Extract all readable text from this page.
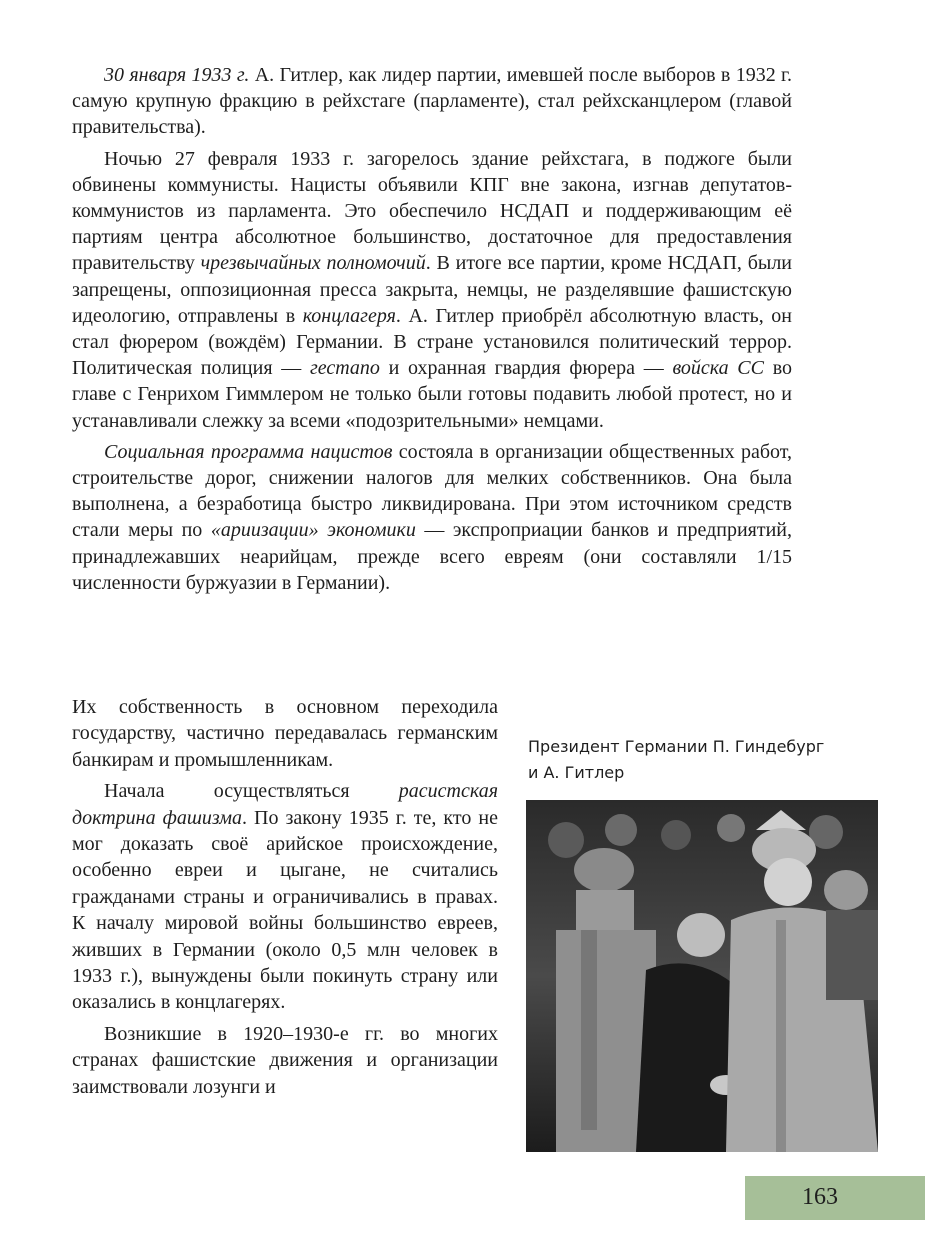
30 января 1933 г. А. Гитлер, как лидер партии, имевшей после выборов в 1932 г. самую крупную фракцию в рейхстаге (парламенте), стал рейхсканцлером (главой правительства).

Ночью 27 февраля 1933 г. загорелось здание рейхстага, в поджоге были обвинены коммунисты. Нацисты объявили КПГ вне закона, изгнав депутатов-коммунистов из парламента. Это обеспечило НСДАП и поддерживающим её партиям центра абсолютное большинство, достаточное для предоставления правительству чрезвычайных полномочий. В итоге все партии, кроме НСДАП, были запрещены, оппозиционная пресса закрыта, немцы, не разделявшие фашистскую идеологию, отправлены в концлагеря. А. Гитлер приобрёл абсолютную власть, он стал фюрером (вождём) Германии. В стране установился политический террор. Политическая полиция — гестапо и охранная гвардия фюрера — войска СС во главе с Генрихом Гиммлером не только были готовы подавить любой протест, но и устанавливали слежку за всеми «подозрительными» немцами.

Социальная программа нацистов состояла в организации общественных работ, строительстве дорог, снижении налогов для мелких собственников. Она была выполнена, а безработица быстро ликвидирована. При этом источником средств стали меры по «ариизации» экономики — экспроприации банков и предприятий, принадлежавших неарийцам, прежде всего евреям (они составляли 1/15 численности буржуазии в Германии).

Их собственность в основном переходила государству, частично передавалась германским банкирам и промышленникам.

Начала осуществляться расистская доктрина фашизма. По закону 1935 г. те, кто не мог доказать своё арийское происхождение, особенно евреи и цыгане, не считались гражданами страны и ограничивались в правах. К началу мировой войны большинство евреев, живших в Германии (около 0,5 млн человек в 1933 г.), вынуждены были покинуть страну или оказались в концлагерях.

Возникшие в 1920–1930-е гг. во многих странах фашистские движения и организации заимствовали лозунги и

Президент Германии П. Гиндебург
и А. Гитлер
163
